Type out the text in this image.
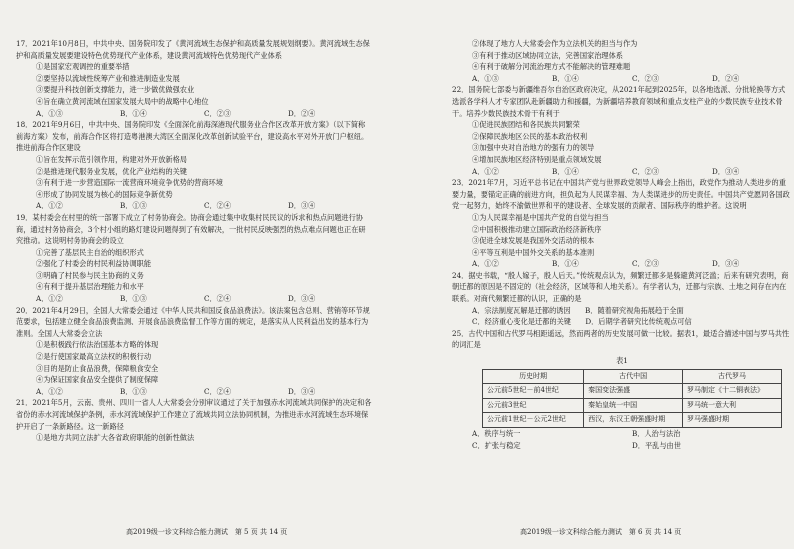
17．2021年10月8日，中共中央、国务院印发了《黄河流域生态保护和高质量发展规划纲要》。黄河流域生态保护和高质量发展要建设特色优势现代产业体系，建设黄河流域特色优势现代产业体系

①是国家宏观调控的重要举措

②要坚持以流域性统筹产业和推进制造业发展

③要提升科技创新支撑能力，进一步做优做强农业

④旨在确立黄河流域在国家发展大局中的战略中心地位

A．①③	B．①④	C．②③	D．②④

18．2021年9月6日，中共中央、国务院印发《全面深化前海深港现代服务业合作区改革开放方案》（以下简称前海方案）发布，前海合作区将打造粤港澳大湾区全面深化改革创新试验平台，建设高水平对外开放门户枢纽。推进前海合作区建设

①旨在发挥示范引领作用，构建对外开放新格局

②是推进现代服务业发展，优化产业结构的关键

③有利于进一步营造国际一流营商环境竞争优势的营商环境

④形成了协同发展为核心的国际竞争新优势

A．①②	B．①③	C．②④	D．③④

19．某村委会在村里的统一部署下成立了村务协商会。协商会通过集中收集村民民议的诉求和热点问题进行协商，通过村务协商会，3个村小组的路灯建设问题得到了有效解决，一批村民反映强烈的热点难点问题也正在研究推动。这说明村务协商会的设立

①完善了基层民主自治的组织形式

②强化了村委会的村民利益协调职能

③明确了村民参与民主协商的义务

④有利于提升基层治理能力和水平

A．①②	B．①③	C．②④	D．③④

20．2021年4月29日，全国人大常委会通过《中华人民共和国反食品浪费法》。该法案包含总则、营销等环节规范要求，包括建立健全食品浪费监测、开展食品浪费监督工作等方面的规定，是落实从人民利益出发的基本行为准则。全国人大常委会立法

①是积极践行依法治国基本方略的体现

②是行使国家最高立法权的积极行动

③目的是防止食品浪费，保障粮食安全

④为保证国家食品安全提供了制度保障

A．①②	B．①③	C．②④	D．③④

21．2021年5月，云南、贵州、四川一省人人大常委会分别审议通过了关于加强赤水河流域共同保护的决定和各省份的赤水河流域保护条例，赤水河流域保护工作建立了流域共同立法协同机制，为推进赤水河流域生态环境保护开启了一条新路径。这一新路径

①是地方共同立法扩大各省政府职能的创新性做法

②体现了地方人大常委会作为立法机关的担当与作为

③有利于推动区域协同立法，完善国家治理体系

④有利于破解分河流治理方式不能解决的管理难题

A．①③	B．①④	C．②③	D．②④

22．国务院七部委与新疆维吾尔自治区政府决定，从2021年起到2025年，以各地选派、分批轮换等方式选派各学科人才专家团队赴新疆助力和援疆，为新疆培养教育领域和重点支柱产业的少数民族专业技术骨干。培养少数民族技术骨干有利于

①促进民族团结和各民族共同繁荣

②保障民族地区公民的基本政治权利

③加强中央对自治地方的强有力的领导

④增加民族地区经济特别是重点领域发展

A．①②	B．①④	C．②③	D．③④

23．2021年7月，习近平总书记在中国共产党与世界政党领导人峰会上指出，政党作为推动人类进步的重要力量，要锚定正确的前进方向，担负起为人民谋幸福、为人类谋进步的历史责任。中国共产党愿同各国政党一起努力，始终不渝做世界和平的建设者、全球发展的贡献者、国际秩序的维护者。这说明

①为人民谋幸福是中国共产党的自觉与担当

②中国积极推动建立国际政治经济新秩序

③促进全球发展是我国外交活动的根本

④平等互利是中国外交关系的基本准则

A．①②	B．①④	C．②③	D．③④

24．据史书载，“殷人嫁子，殷人后天。”传统观点认为，频繁迁都多是躲避黄河泛滥；后来有研究表明，商朝迁都的原因是不固定的（社会经济，区域等和人地关系）。有学者认为，迁都与宗族、土地之间存在内在联系。对商代频繁迁都的认识，正确的是

A．宗法制度瓦解是迁都的诱因　　B．随着研究视角拓展趋于全面

C．经济重心变化是迁都的关键　　D．后期学者研究比传统观点可信

25．古代中国和古代罗马相距遥远，然而两者的历史发展可做一比较。据表1，最适合描述中国与罗马共性的词汇是

表1
历史时期	古代中国	古代罗马
公元前5世纪－前4世纪	秦国变法强盛	罗马制定《十二铜表法》
公元前3世纪	秦始皇统一中国	罗马统一意大利
公元前1世纪－公元2世纪	西汉，东汉王朝强盛时期	罗马强盛时期
A．秩序与统一	B．人治与法治
C．扩张与稳定	D．平乱与由世
高2019级一诊文科综合能力测试　第 5 页 共 14 页	高2019级一诊文科综合能力测试　第 6 页 共 14 页
